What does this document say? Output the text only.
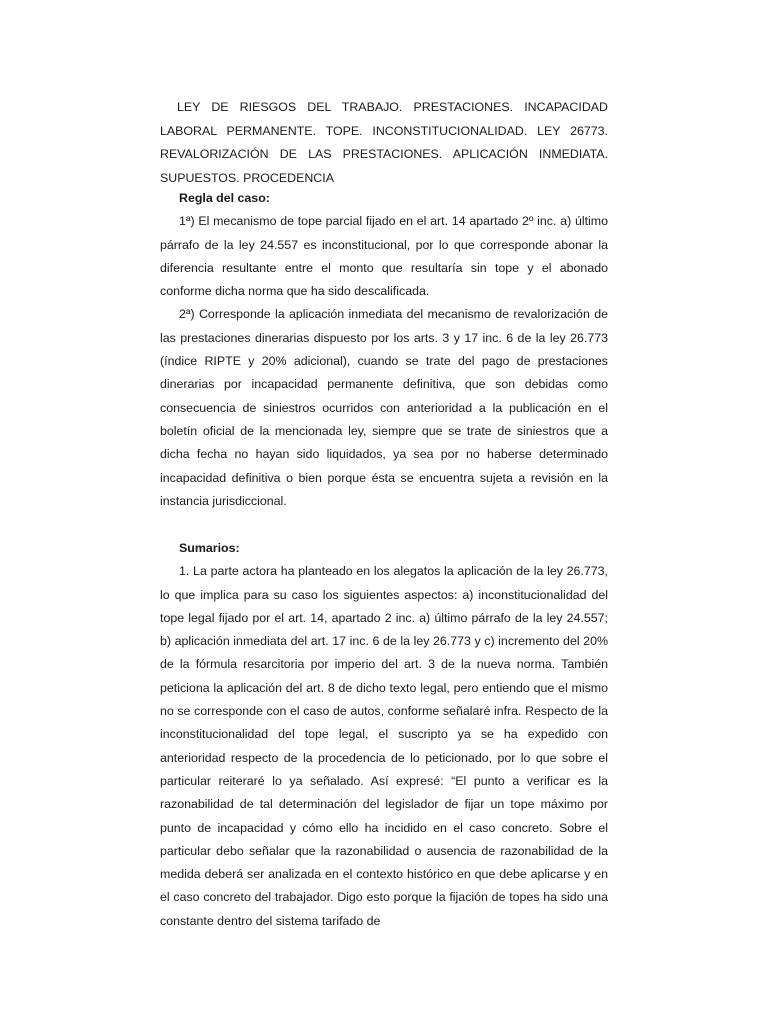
LEY DE RIESGOS DEL TRABAJO. PRESTACIONES. INCAPACIDAD LABORAL PERMANENTE. TOPE. INCONSTITUCIONALIDAD. LEY 26773. REVALORIZACIÓN DE LAS PRESTACIONES. APLICACIÓN INMEDIATA. SUPUESTOS. PROCEDENCIA

Regla del caso:

1ª) El mecanismo de tope parcial fijado en el art. 14 apartado 2º inc. a) último párrafo de la ley 24.557 es inconstitucional, por lo que corresponde abonar la diferencia resultante entre el monto que resultaría sin tope y el abonado conforme dicha norma que ha sido descalificada.

2ª) Corresponde la aplicación inmediata del mecanismo de revalorización de las prestaciones dinerarias dispuesto por los arts. 3 y 17 inc. 6 de la ley 26.773 (índice RIPTE y 20% adicional), cuando se trate del pago de prestaciones dinerarias por incapacidad permanente definitiva, que son debidas como consecuencia de siniestros ocurridos con anterioridad a la publicación en el boletín oficial de la mencionada ley, siempre que se trate de siniestros que a dicha fecha no hayan sido liquidados, ya sea por no haberse determinado incapacidad definitiva o bien porque ésta se encuentra sujeta a revisión en la instancia jurisdiccional.

Sumarios:

1. La parte actora ha planteado en los alegatos la aplicación de la ley 26.773, lo que implica para su caso los siguientes aspectos: a) inconstitucionalidad del tope legal fijado por el art. 14, apartado 2 inc. a) último párrafo de la ley 24.557; b) aplicación inmediata del art. 17 inc. 6 de la ley 26.773 y c) incremento del 20% de la fórmula resarcitoria por imperio del art. 3 de la nueva norma. También peticiona la aplicación del art. 8 de dicho texto legal, pero entiendo que el mismo no se corresponde con el caso de autos, conforme señalaré infra. Respecto de la inconstitucionalidad del tope legal, el suscripto ya se ha expedido con anterioridad respecto de la procedencia de lo peticionado, por lo que sobre el particular reiteraré lo ya señalado. Así expresé: “El punto a verificar es la razonabilidad de tal determinación del legislador de fijar un tope máximo por punto de incapacidad y cómo ello ha incidido en el caso concreto. Sobre el particular debo señalar que la razonabilidad o ausencia de razonabilidad de la medida deberá ser analizada en el contexto histórico en que debe aplicarse y en el caso concreto del trabajador. Digo esto porque la fijación de topes ha sido una constante dentro del sistema tarifado de
